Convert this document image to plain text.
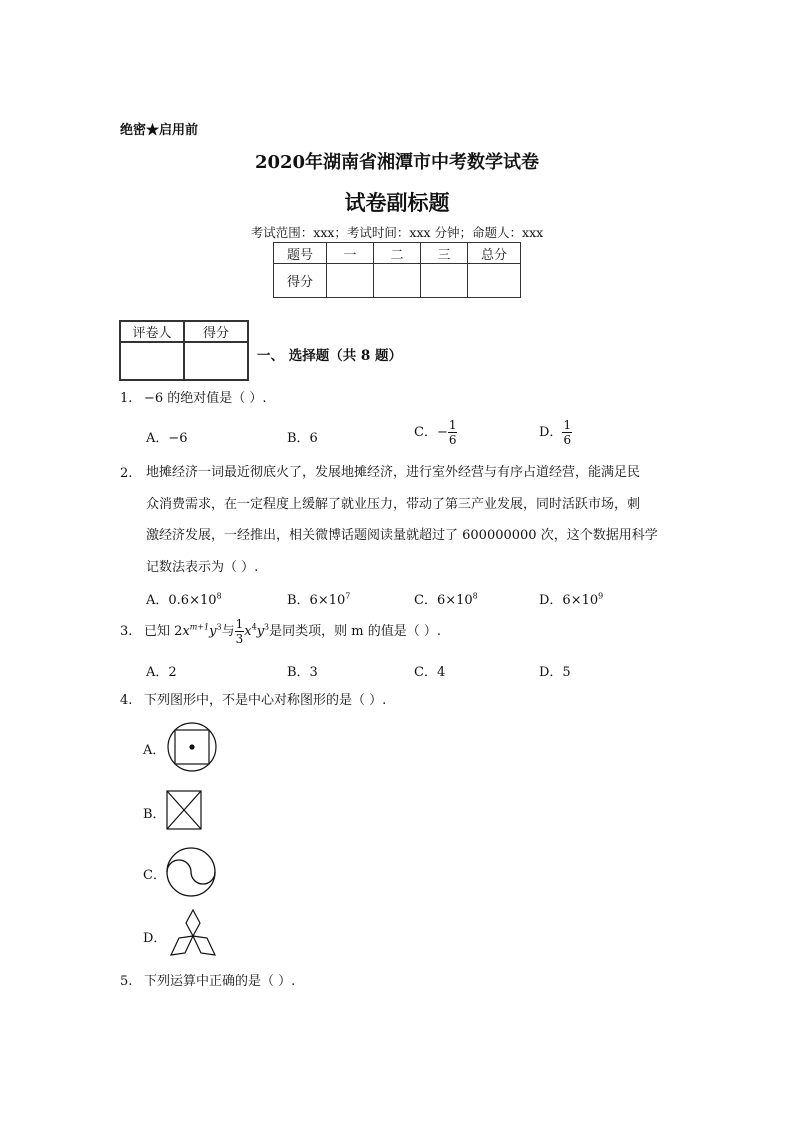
绝密★启用前
2020年湖南省湘潭市中考数学试卷
试卷副标题
考试范围：xxx；考试时间：xxx 分钟；命题人：xxx
题号	一	二	三	总分
得分				
评卷人	得分

一、 选择题（共 8 题）
1. −6 的绝对值是（ ）.
A．−6	B．6	C．− $\frac{1}{6}$	D． $\frac{1}{6}$
2. 地摊经济一词最近彻底火了，发展地摊经济，进行室外经营与有序占道经营，能满足民
众消费需求，在一定程度上缓解了就业压力，带动了第三产业发展，同时活跃市场，刺
激经济发展，一经推出，相关微博话题阅读量就超过了 600000000 次，这个数据用科学
记数法表示为（ ）.
A．$0.6\times 10^8$	B．$6\times 10^7$	C．$6\times 10^8$	D．$6\times 10^9$
3. 已知 $2x^{m+1}y^3$与 $\frac{1}{3} x^4y^3$是同类项，则 m 的值是（ ）.
A．2	B．3	C．4	D．5
4. 下列图形中，不是中心对称图形的是（ ）.
A．
B．
C．
D．
5. 下列运算中正确的是（ ）.
